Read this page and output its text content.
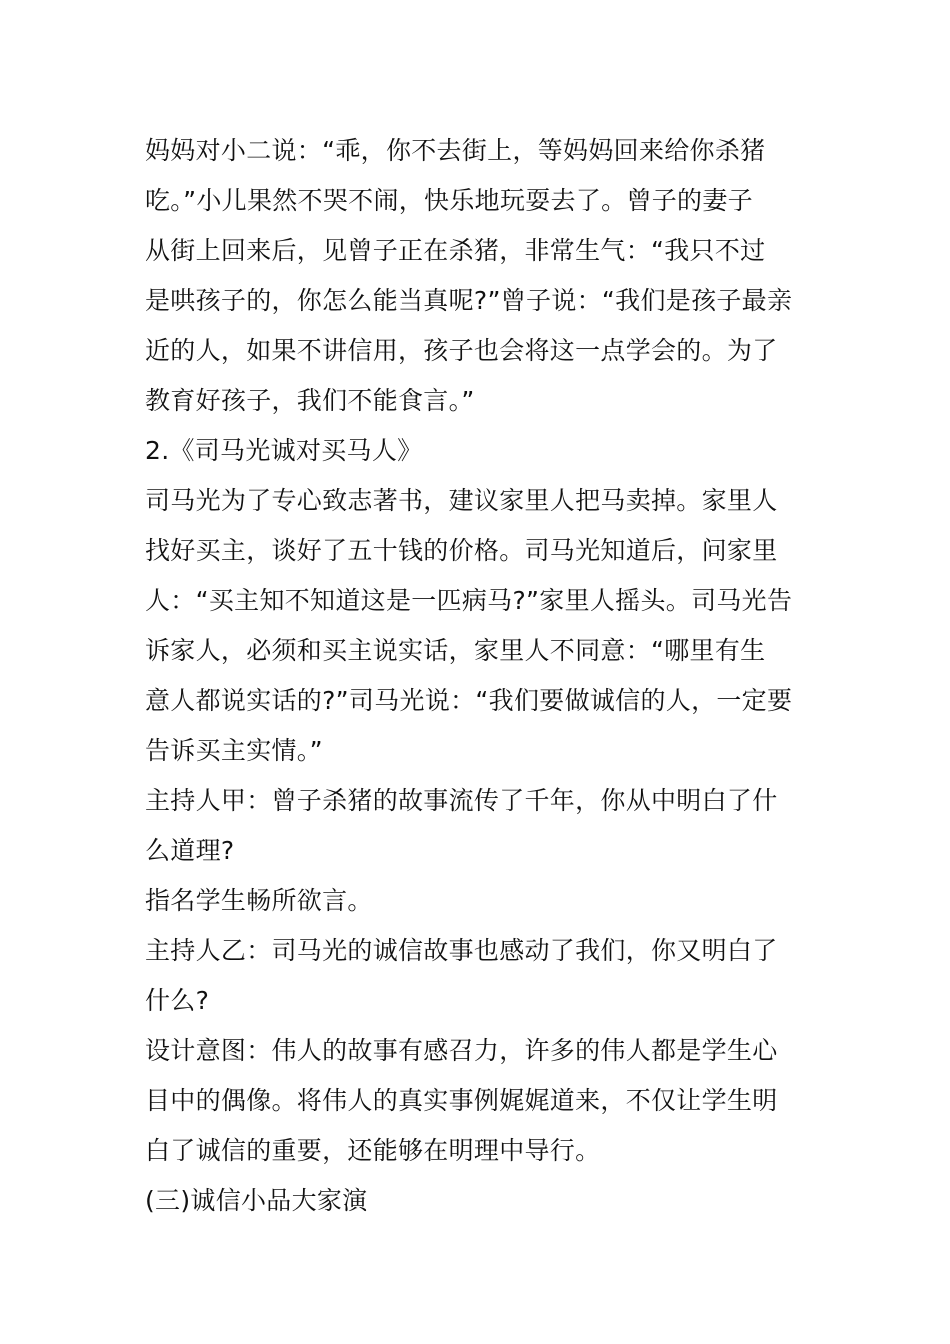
妈妈对小二说：“乖，你不去街上，等妈妈回来给你杀猪
吃。”小儿果然不哭不闹，快乐地玩耍去了。曾子的妻子
从街上回来后，见曾子正在杀猪，非常生气：“我只不过
是哄孩子的，你怎么能当真呢?”曾子说：“我们是孩子最亲
近的人，如果不讲信用，孩子也会将这一点学会的。为了
教育好孩子，我们不能食言。”
2.《司马光诚对买马人》
司马光为了专心致志著书，建议家里人把马卖掉。家里人
找好买主，谈好了五十钱的价格。司马光知道后，问家里
人：“买主知不知道这是一匹病马?”家里人摇头。司马光告
诉家人，必须和买主说实话，家里人不同意：“哪里有生
意人都说实话的?”司马光说：“我们要做诚信的人，一定要
告诉买主实情。”
主持人甲：曾子杀猪的故事流传了千年，你从中明白了什
么道理?
指名学生畅所欲言。
主持人乙：司马光的诚信故事也感动了我们，你又明白了
什么?
设计意图：伟人的故事有感召力，许多的伟人都是学生心
目中的偶像。将伟人的真实事例娓娓道来，不仅让学生明
白了诚信的重要，还能够在明理中导行。
(三)诚信小品大家演
